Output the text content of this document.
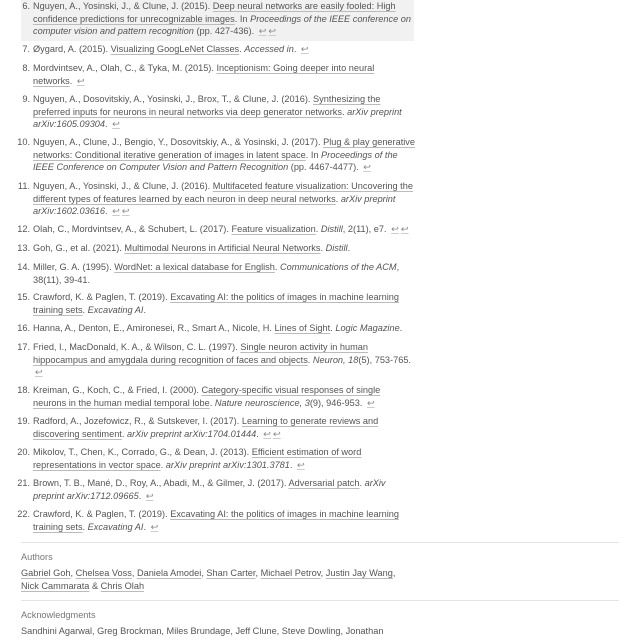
6. Nguyen, A., Yosinski, J., & Clune, J. (2015). Deep neural networks are easily fooled: High confidence predictions for unrecognizable images. In Proceedings of the IEEE conference on computer vision and pattern recognition (pp. 427-436). ↩ ↩
7. Øygard, A. (2015). Visualizing GoogLeNet Classes. Accessed in. ↩
8. Mordvintsev, A., Olah, C., & Tyka, M. (2015). Inceptionism: Going deeper into neural networks. ↩
9. Nguyen, A., Dosovitskiy, A., Yosinski, J., Brox, T., & Clune, J. (2016). Synthesizing the preferred inputs for neurons in neural networks via deep generator networks. arXiv preprint arXiv:1605.09304. ↩
10. Nguyen, A., Clune, J., Bengio, Y., Dosovitskiy, A., & Yosinski, J. (2017). Plug & play generative networks: Conditional iterative generation of images in latent space. In Proceedings of the IEEE Conference on Computer Vision and Pattern Recognition (pp. 4467-4477). ↩
11. Nguyen, A., Yosinski, J., & Clune, J. (2016). Multifaceted feature visualization: Uncovering the different types of features learned by each neuron in deep neural networks. arXiv preprint arXiv:1602.03616. ↩ ↩
12. Olah, C., Mordvintsev, A., & Schubert, L. (2017). Feature visualization. Distill, 2(11), e7. ↩ ↩
13. Goh, G., et al. (2021). Multimodal Neurons in Artificial Neural Networks. Distill.
14. Miller, G. A. (1995). WordNet: a lexical database for English. Communications of the ACM, 38(11), 39-41.
15. Crawford, K. & Paglen, T. (2019). Excavating AI: the politics of images in machine learning training sets. Excavating AI.
16. Hanna, A., Denton, E., Amironesei, R., Smart A., Nicole, H. Lines of Sight. Logic Magazine.
17. Fried, I., MacDonald, K. A., & Wilson, C. L. (1997). Single neuron activity in human hippocampus and amygdala during recognition of faces and objects. Neuron, 18(5), 753-765. ↩
18. Kreiman, G., Koch, C., & Fried, I. (2000). Category-specific visual responses of single neurons in the human medial temporal lobe. Nature neuroscience, 3(9), 946-953. ↩
19. Radford, A., Jozefowicz, R., & Sutskever, I. (2017). Learning to generate reviews and discovering sentiment. arXiv preprint arXiv:1704.01444. ↩ ↩
20. Mikolov, T., Chen, K., Corrado, G., & Dean, J. (2013). Efficient estimation of word representations in vector space. arXiv preprint arXiv:1301.3781. ↩
21. Brown, T. B., Mané, D., Roy, A., Abadi, M., & Gilmer, J. (2017). Adversarial patch. arXiv preprint arXiv:1712.09665. ↩
22. Crawford, K. & Paglen, T. (2019). Excavating AI: the politics of images in machine learning training sets. Excavating AI. ↩
Authors
Gabriel Goh, Chelsea Voss, Daniela Amodei, Shan Carter, Michael Petrov, Justin Jay Wang, Nick Cammarata & Chris Olah
Acknowledgments
Sandhini Agarwal, Greg Brockman, Miles Brundage, Jeff Clune, Steve Dowling, Jonathan
